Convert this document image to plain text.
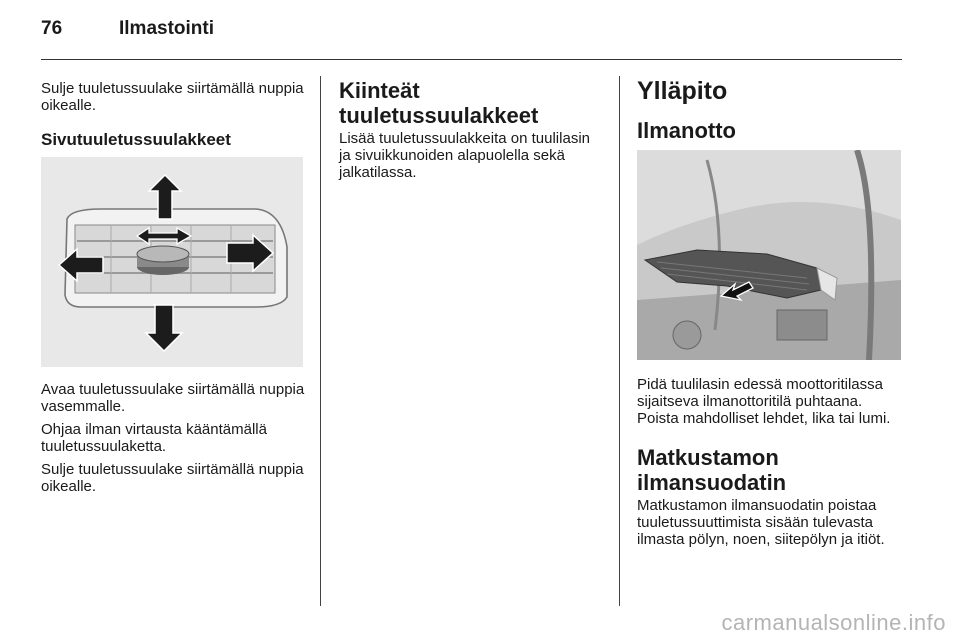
76	Ilmastointi

Sulje tuuletussuulake siirtämällä nuppia oikealle.

Sivutuuletussuulakkeet

Avaa tuuletussuulake siirtämällä nuppia vasemmalle.

Ohjaa ilman virtausta kääntämällä tuuletussuulaketta.

Sulje tuuletussuulake siirtämällä nuppia oikealle.

Kiinteät tuuletussuulakkeet

Lisää tuuletussuulakkeita on tuulilasin ja sivuikkunoiden alapuolella sekä jalkatilassa.

Ylläpito
Ilmanotto

Pidä tuulilasin edessä moottoritilassa sijaitseva ilmanottoritilä puhtaana. Poista mahdolliset lehdet, lika tai lumi.

Matkustamon ilmansuodatin

Matkustamon ilmansuodatin poistaa tuuletussuuttimista sisään tulevasta ilmasta pölyn, noen, siitepölyn ja itiöt.

carmanualsonline.info
